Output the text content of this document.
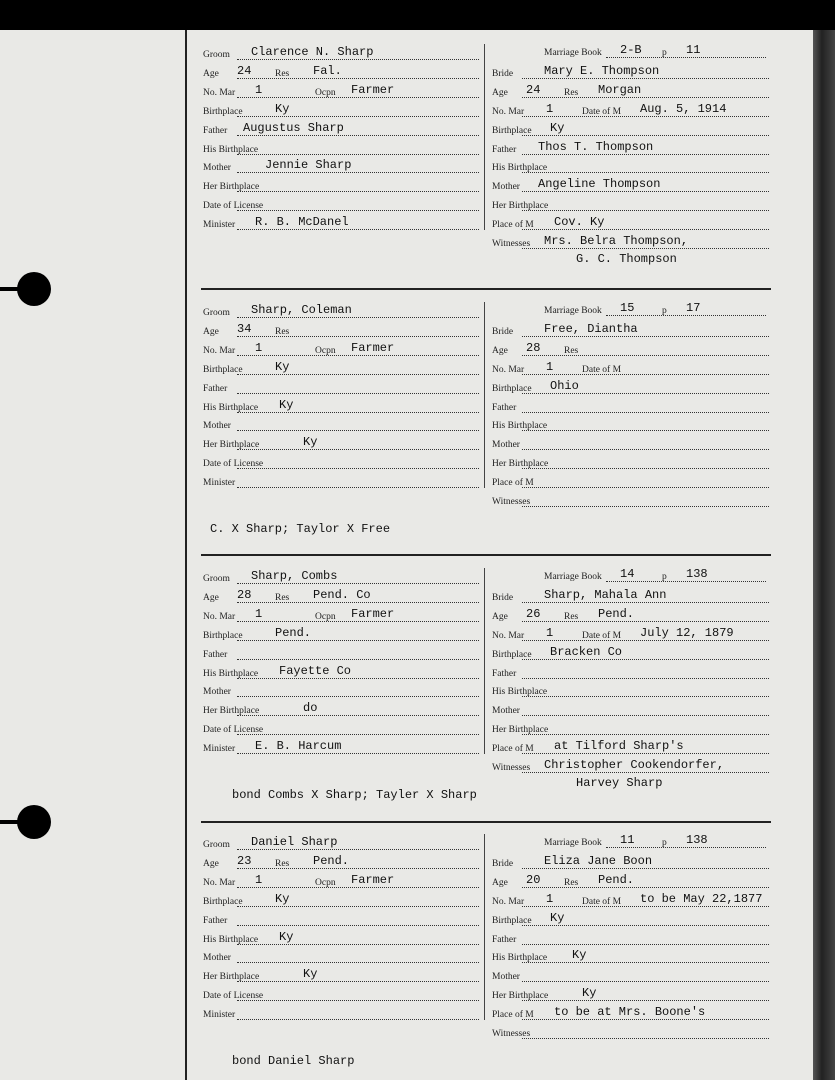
Groom Clarence N. Sharp
Age 24 Res Fal.
No. Mar 1	Ocpn Farmer
Birthplace	Ky
Father Augustus Sharp
His Birthplace
Mother	Jennie Sharp
Her Birthplace
Date of License
Minister R. B. McDanel
Marriage Book 2-B p 11
Bride	Mary E. Thompson
Age 24 Res Morgan
No. Mar 1	Date of M Aug. 5, 1914
Birthplace Ky
Father Thos T. Thompson
His Birthplace
Mother Angeline Thompson
Her Birthplace
Place of M Cov. Ky
Witnesses Mrs. Belra Thompson,
G. C. Thompson
Groom Sharp, Coleman
Age 34 Res
No. Mar 1	Ocpn Farmer
Birthplace	Ky
Father
His Birthplace Ky
Mother
Her Birthplace	Ky
Date of License
Minister
Marriage Book 15	p 17
Bride	Free, Diantha
Age 28 Res
No. Mar 1	Date of M
Birthplace Ohio
Father
His Birthplace
Mother
Her Birthplace
Place of M
Witnesses
C. X Sharp; Taylor X Free
Groom Sharp, Combs
Age 28 Res Pend. Co
No. Mar 1	Ocpn Farmer
Birthplace	Pend.
Father
His Birthplace Fayette Co
Mother
Her Birthplace	do
Date of License
Minister E. B. Harcum
Marriage Book 14	p 138
Bride	Sharp, Mahala Ann
Age 26 Res Pend.
No. Mar 1	Date of M July 12, 1879
Birthplace Bracken Co
Father
His Birthplace
Mother
Her Birthplace
Place of M at Tilford Sharp's
Witnesses Christopher Cookendorfer,
Harvey Sharp
bond Combs X Sharp; Tayler X Sharp
Groom Daniel Sharp
Age 23 Res Pend.
No. Mar 1	Ocpn Farmer
Birthplace	Ky
Father
His Birthplace Ky
Mother
Her Birthplace	Ky
Date of License
Minister
Marriage Book 11	p 138
Bride	Eliza Jane Boon
Age 20 Res Pend.
No. Mar 1	Date of M to be May 22,1877
Birthplace Ky
Father
His Birthplace Ky
Mother
Her Birthplace	Ky
Place of M to be at Mrs. Boone's
Witnesses
bond Daniel Sharp
